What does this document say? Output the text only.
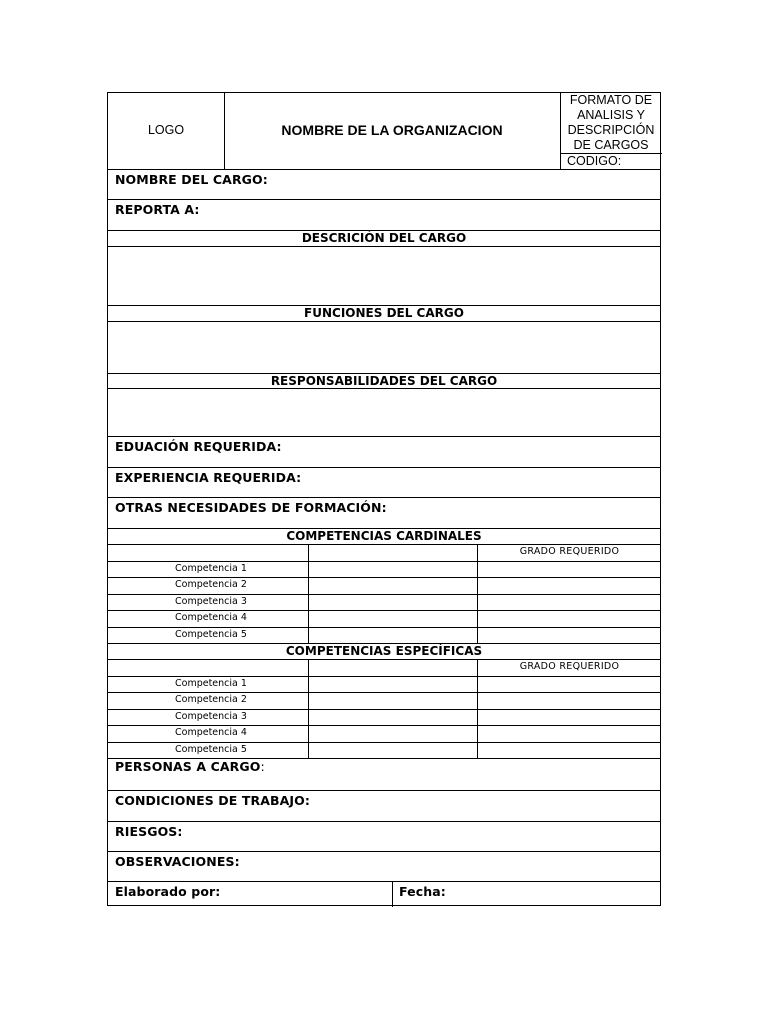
LOGO	NOMBRE DE LA ORGANIZACION
FORMATO DE
ANALISIS Y
DESCRIPCIÓN
DE CARGOS
CODIGO:
NOMBRE DEL CARGO:
REPORTA A:
DESCRICIÓN DEL CARGO
FUNCIONES DEL CARGO
RESPONSABILIDADES DEL CARGO
EDUACIÓN REQUERIDA:
EXPERIENCIA REQUERIDA:
OTRAS NECESIDADES DE FORMACIÓN:
COMPETENCIAS CARDINALES
GRADO REQUERIDO
Competencia 1
Competencia 2
Competencia 3
Competencia 4
Competencia 5
COMPETENCIAS ESPECÍFICAS
GRADO REQUERIDO
Competencia 1
Competencia 2
Competencia 3
Competencia 4
Competencia 5
PERSONAS A CARGO:
CONDICIONES DE TRABAJO:
RIESGOS:
OBSERVACIONES:
Elaborado por:	Fecha:
